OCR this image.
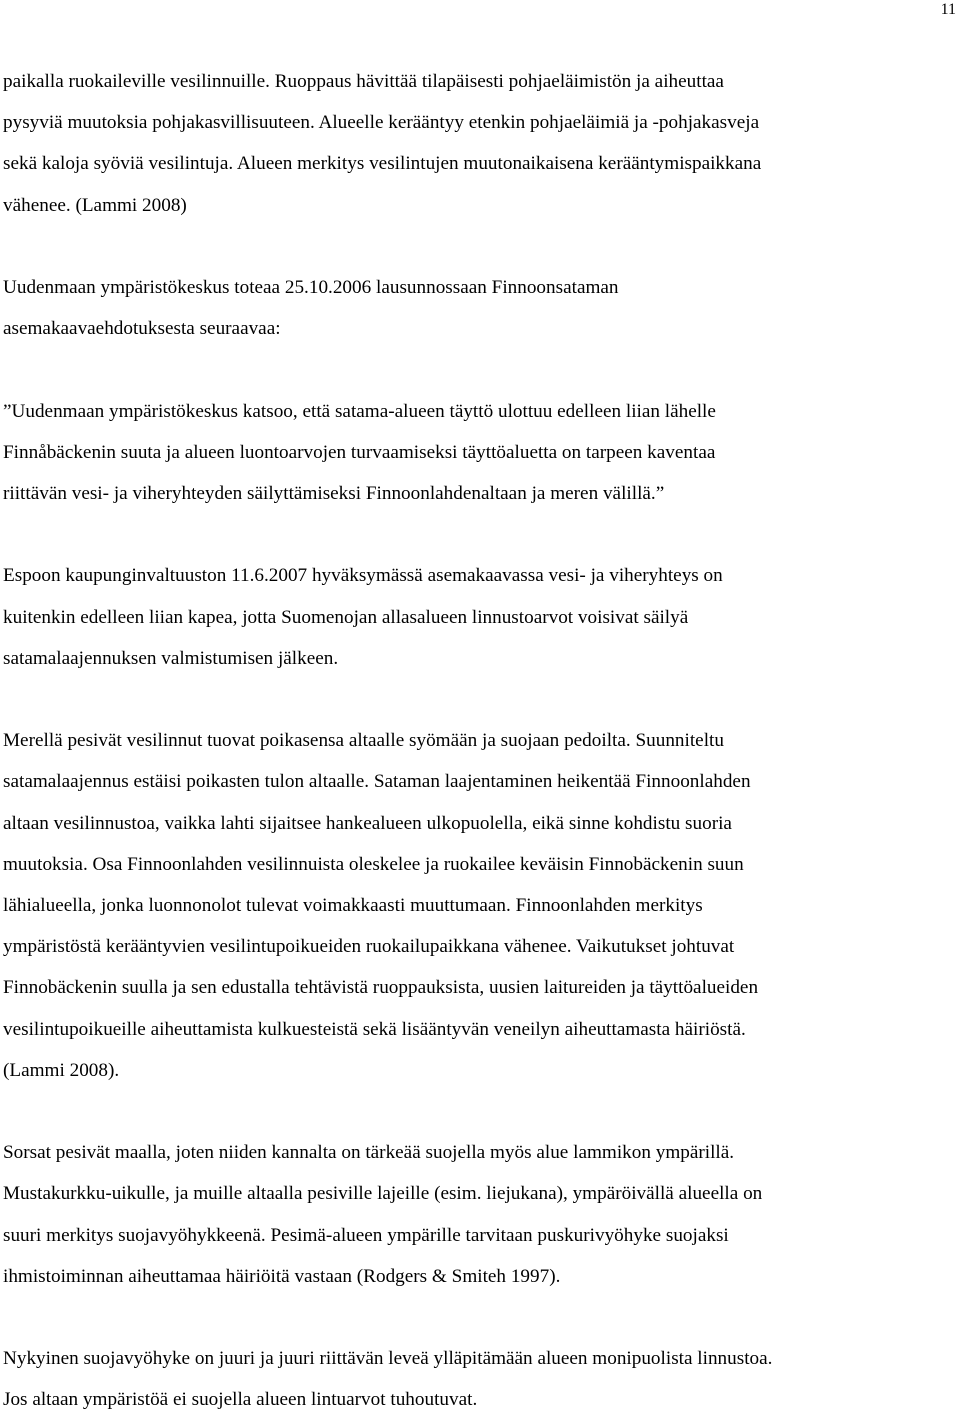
11

paikalla ruokaileville vesilinnuille. Ruoppaus hävittää tilapäisesti pohjaeläimistön ja aiheuttaa
pysyviä muutoksia pohjakasvillisuuteen. Alueelle kerääntyy etenkin pohjaeläimiä ja -pohjakasveja
sekä kaloja syöviä vesilintuja. Alueen merkitys vesilintujen muutonaikaisena kerääntymispaikkana
vähenee. (Lammi 2008)

Uudenmaan ympäristökeskus toteaa 25.10.2006 lausunnossaan Finnoonsataman
asemakaavaehdotuksesta seuraavaa:

”Uudenmaan ympäristökeskus katsoo, että satama-alueen täyttö ulottuu edelleen liian lähelle
Finnåbäckenin suuta ja alueen luontoarvojen turvaamiseksi täyttöaluetta on tarpeen kaventaa
riittävän vesi- ja viheryhteyden säilyttämiseksi Finnoonlahdenaltaan ja meren välillä.”

Espoon kaupunginvaltuuston 11.6.2007 hyväksymässä asemakaavassa vesi- ja viheryhteys on
kuitenkin edelleen liian kapea, jotta Suomenojan allasalueen linnustoarvot voisivat säilyä
satamalaajennuksen valmistumisen jälkeen.

Merellä pesivät vesilinnut tuovat poikasensa altaalle syömään ja suojaan pedoilta. Suunniteltu
satamalaajennus estäisi poikasten tulon altaalle. Sataman laajentaminen heikentää Finnoonlahden
altaan vesilinnustoa, vaikka lahti sijaitsee hankealueen ulkopuolella, eikä sinne kohdistu suoria
muutoksia. Osa Finnoonlahden vesilinnuista oleskelee ja ruokailee keväisin Finnobäckenin suun
lähialueella, jonka luonnonolot tulevat voimakkaasti muuttumaan. Finnoonlahden merkitys
ympäristöstä kerääntyvien vesilintupoikueiden ruokailupaikkana vähenee. Vaikutukset johtuvat
Finnobäckenin suulla ja sen edustalla tehtävistä ruoppauksista, uusien laitureiden ja täyttöalueiden
vesilintupoikueille aiheuttamista kulkuesteistä sekä lisääntyvän veneilyn aiheuttamasta häiriöstä.
(Lammi 2008).

Sorsat pesivät maalla, joten niiden kannalta on tärkeää suojella myös alue lammikon ympärillä.
Mustakurkku-uikulle, ja muille altaalla pesiville lajeille (esim. liejukana), ympäröivällä alueella on
suuri merkitys suojavyöhykkeenä. Pesimä-alueen ympärille tarvitaan puskurivyöhyke suojaksi
ihmistoiminnan aiheuttamaa häiriöitä vastaan (Rodgers & Smiteh 1997).

Nykyinen suojavyöhyke on juuri ja juuri riittävän leveä ylläpitämään alueen monipuolista linnustoa.
Jos altaan ympäristöä ei suojella alueen lintuarvot tuhoutuvat.
